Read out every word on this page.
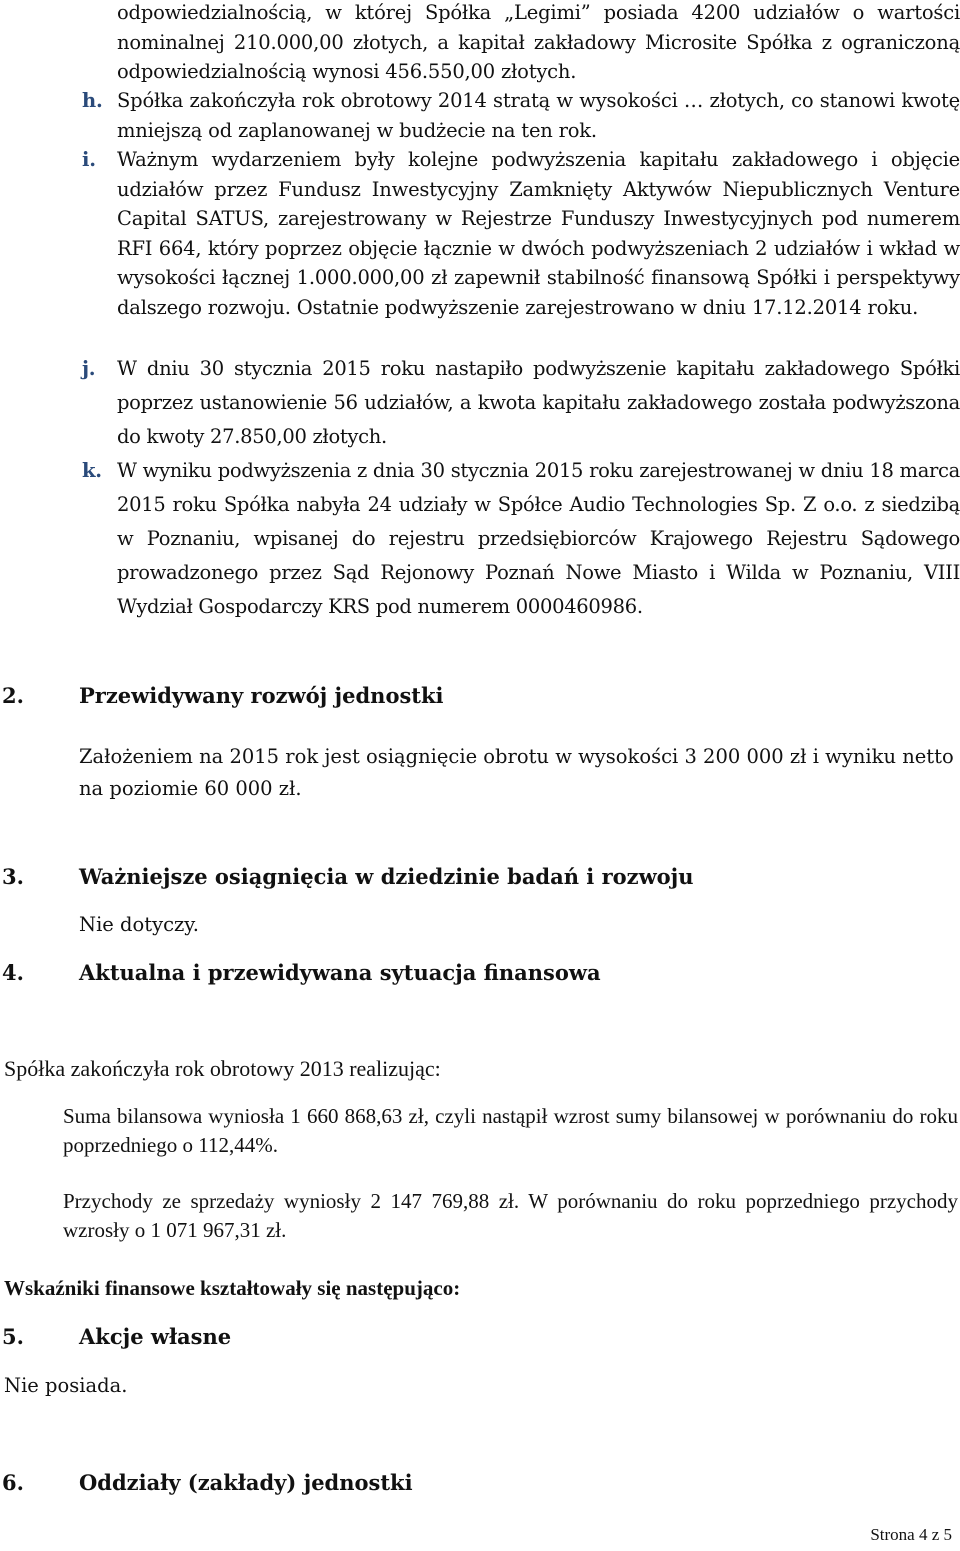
odpowiedzialnością, w której Spółka „Legimi” posiada 4200 udziałów o wartości nominalnej 210.000,00 złotych, a kapitał zakładowy Microsite Spółka z ograniczoną odpowiedzialnością wynosi 456.550,00 złotych.
h. Spółka zakończyła rok obrotowy 2014 stratą w wysokości … złotych, co stanowi kwotę mniejszą od zaplanowanej w budżecie na ten rok.
i.	Ważnym wydarzeniem były kolejne podwyższenia kapitału zakładowego i objęcie udziałów przez Fundusz Inwestycyjny Zamknięty Aktywów Niepublicznych Venture Capital SATUS, zarejestrowany w Rejestrze Funduszy Inwestycyjnych pod numerem RFI 664, który poprzez objęcie łącznie w dwóch podwyższeniach 2 udziałów i wkład w wysokości łącznej 1.000.000,00 zł zapewnił stabilność finansową Spółki i perspektywy dalszego rozwoju. Ostatnie podwyższenie zarejestrowano w dniu 17.12.2014 roku.
j.	W dniu 30 stycznia 2015 roku nastapiło podwyższenie kapitału zakładowego Spółki poprzez ustanowienie 56 udziałów, a kwota kapitału zakładowego została podwyższona do kwoty 27.850,00 złotych.
k. W wyniku podwyższenia z dnia 30 stycznia 2015 roku zarejestrowanej w dniu 18 marca 2015 roku Spółka nabyła 24 udziały w Spółce Audio Technologies Sp. Z o.o. z siedzibą w Poznaniu, wpisanej do rejestru przedsiębiorców Krajowego Rejestru Sądowego prowadzonego przez Sąd Rejonowy Poznań Nowe Miasto i Wilda w Poznaniu, VIII Wydział Gospodarczy KRS pod numerem 0000460986.
2.	Przewidywany rozwój jednostki
Założeniem na 2015 rok jest osiągnięcie obrotu w wysokości 3 200 000 zł i wyniku netto na poziomie 60 000 zł.
3.	Ważniejsze osiągnięcia w dziedzinie badań i rozwoju
Nie dotyczy.
4.	Aktualna i przewidywana sytuacja finansowa
Spółka zakończyła rok obrotowy 2013 realizując:
Suma bilansowa wyniosła 1 660 868,63 zł, czyli nastąpił wzrost sumy bilansowej w porównaniu do roku poprzedniego o 112,44%.
Przychody ze sprzedaży wyniosły 2 147 769,88 zł. W porównaniu do roku poprzedniego przychody wzrosły o 1 071 967,31 zł.
Wskaźniki finansowe kształtowały się następująco:
5.	Akcje własne
Nie posiada.
6.	Oddziały (zakłady) jednostki
Strona 4 z 5
